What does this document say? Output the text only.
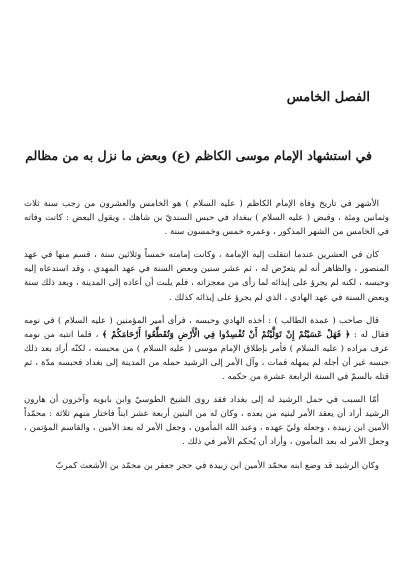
الفصل الخامس
في استشهاد الإمام موسى الكاظم (ع) وبعض ما نزل به من مظالم

الأشهر في تاريخ وفاة الإمام الكاظم ( عليه السلام ) هو الخامس والعشرون من رجب سنة ثلاث وثمانين ومئة ، وقبض ( عليه السلام ) ببغداد في حبس السنديّ بن شاهك ، ويقول البعض : كانت وفاته في الخامس من الشهر المذكور ، وعمره خمس وخمسون سنة .

كان في العشرين عندما انتقلت إليه الإمامة ، وكانت إمامته خمساً وثلاثين سنة ، قسم منها في عهد المنصور ، والظاهر أنه لم يتعرّض له ، ثم عشر سنين وبعض السنة في عهد المهدي ، وقد استدعاه إليه وحبسه ، لكنه لم يجرؤ على إيذائه لما رأى من معجزاته ، فلم يلبث أن أعاده إلى المدينة ، وبعد ذلك سنة وبعض السنة في عهد الهادي ، الذي لم يجرؤ على إيذائه كذلك .

قال صاحب ( عمدة الطالب ) : أخذه الهادي وحبسه ، فرأى أمير المؤمنين ( عليه السلام ) في نومه فقال له : ﴿ فَهَلْ عَسَيْتُمْ إِنْ تَوَلَّيْتُمْ أَنْ تُفْسِدُوا فِي الْأَرْضِ وَتُقَطِّعُوا أَرْحَامَكُمْ ﴾ ، فلما انتبه من نومه عرف مراده ( عليه السلام ) فأمر بإطلاق الإمام موسى ( عليه السلام ) من محبسه ، لكنّه أراد بعد ذلك حبسه غير أن أجله لم يمهله فمات ، وآل الأمر إلى الرشيد حمله من المدينة إلى بغداد فحبسه مدّة ، ثم قتله بالسمّ في السنة الرابعة عشرة من حكمه .

أمّا السبب في حمل الرشيد له إلى بغداد فقد روى الشيخ الطوسيّ وابن بابويه وآخرون أن هارون الرشيد أراد أن يعقد الأمر لبنيه من بعده ، وكان له من البنين أربعة عشر ابناً فاختار منهم ثلاثة : محمّداً الأمين ابن زبيدة ، وجعله وليّ عهده ، وعبد الله المأمون ، وجعل الأمر له بعد الأمين ، والقاسم المؤتمن ، وجعل الأمر له بعد المأمون ، وأراد أن يُحكم الأمر في ذلك .

وكان الرشيد قد وضع ابنه محمّد الأمين ابن زبيدة في حجر جعفر بن محمّد بن الأشعث كمربّ
